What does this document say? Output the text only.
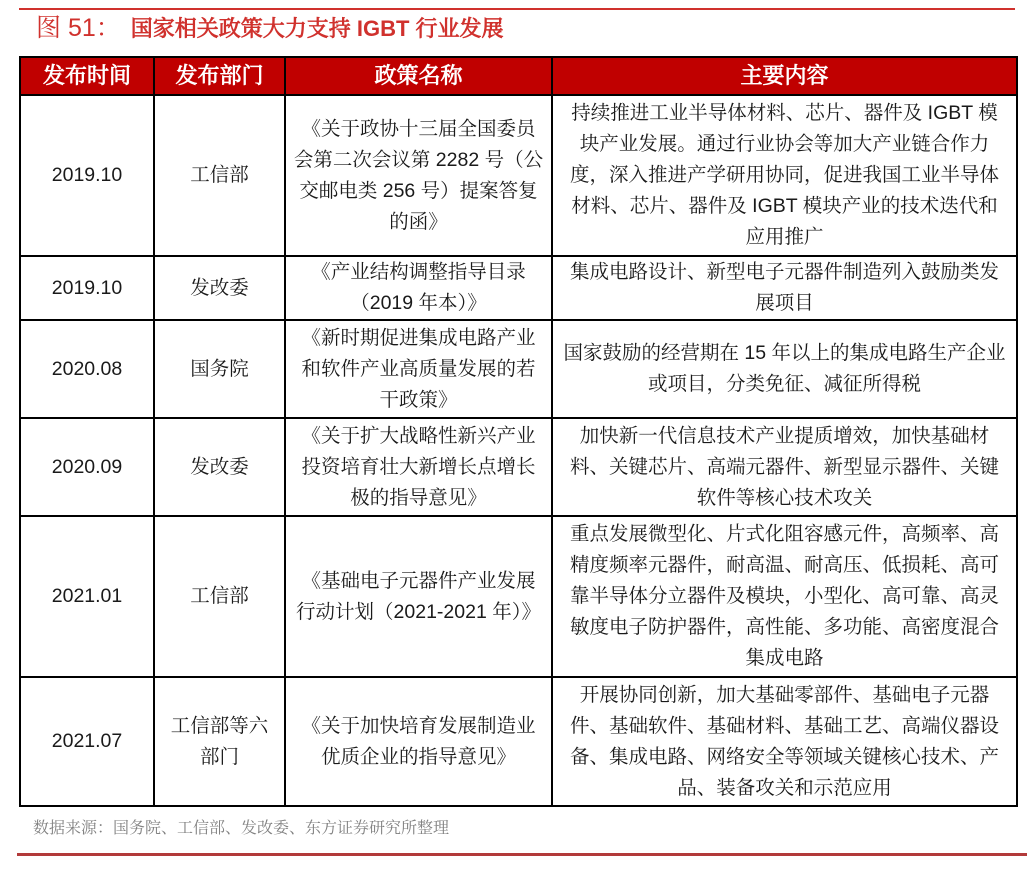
图 51： 国家相关政策大力支持 IGBT 行业发展
发布时间	发布部门	政策名称	主要内容
2019.10	工信部	《关于政协十三届全国委员会第二次会议第 2282 号（公交邮电类 256 号）提案答复的函》	持续推进工业半导体材料、芯片、器件及 IGBT 模块产业发展。通过行业协会等加大产业链合作力度，深入推进产学研用协同，促进我国工业半导体材料、芯片、器件及 IGBT 模块产业的技术迭代和应用推广
2019.10	发改委	《产业结构调整指导目录（2019 年本）》	集成电路设计、新型电子元器件制造列入鼓励类发展项目
2020.08	国务院	《新时期促进集成电路产业和软件产业高质量发展的若干政策》	国家鼓励的经营期在 15 年以上的集成电路生产企业或项目，分类免征、减征所得税
2020.09	发改委	《关于扩大战略性新兴产业投资培育壮大新增长点增长极的指导意见》	加快新一代信息技术产业提质增效，加快基础材料、关键芯片、高端元器件、新型显示器件、关键软件等核心技术攻关
2021.01	工信部	《基础电子元器件产业发展行动计划（2021-2021 年）》	重点发展微型化、片式化阻容感元件，高频率、高精度频率元器件，耐高温、耐高压、低损耗、高可靠半导体分立器件及模块，小型化、高可靠、高灵敏度电子防护器件，高性能、多功能、高密度混合集成电路
2021.07	工信部等六部门	《关于加快培育发展制造业优质企业的指导意见》	开展协同创新，加大基础零部件、基础电子元器件、基础软件、基础材料、基础工艺、高端仪器设备、集成电路、网络安全等领域关键核心技术、产品、装备攻关和示范应用
数据来源：国务院、工信部、发改委、东方证券研究所整理
